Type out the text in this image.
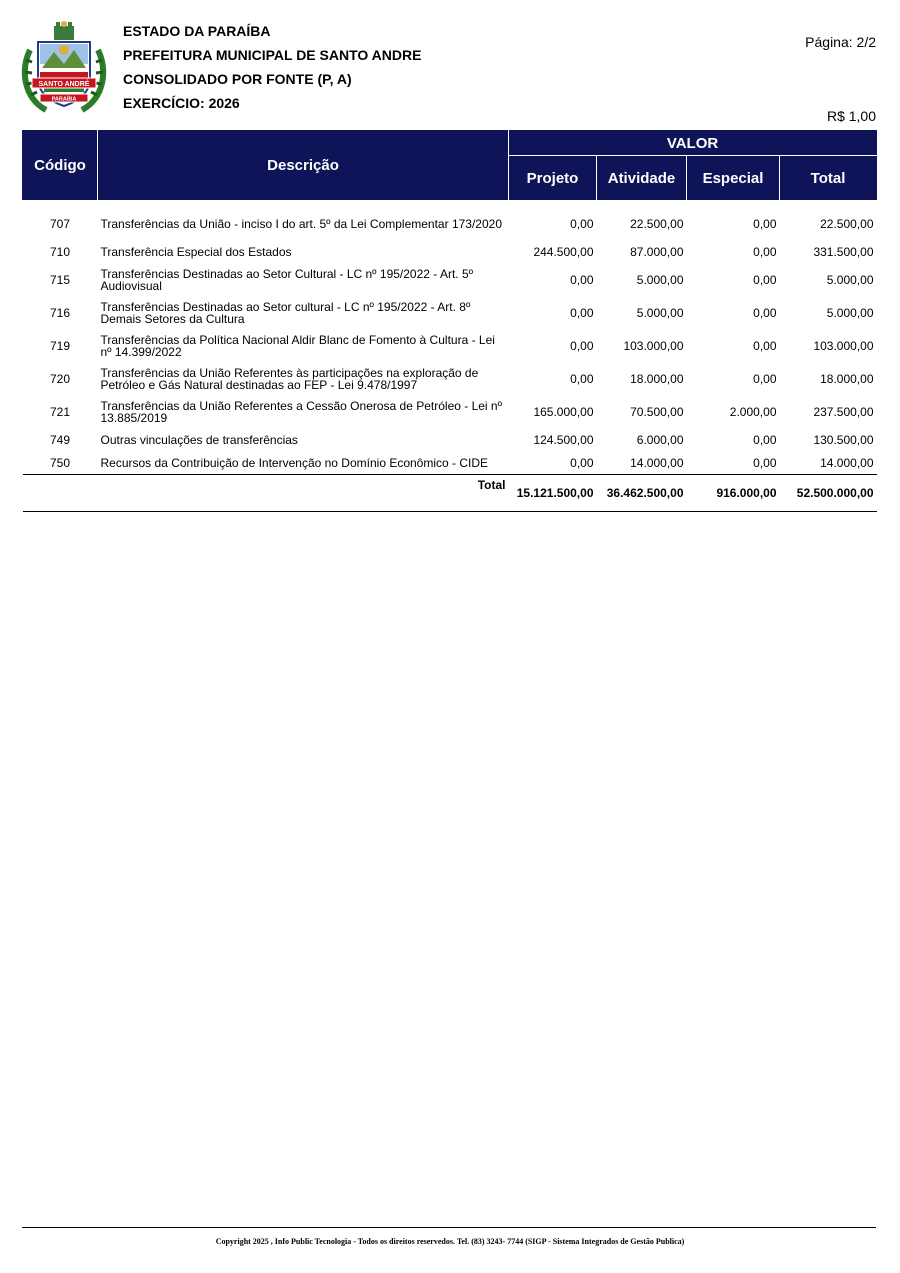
SANTO ANDRÉ
PARAÍBA
ESTADO DA PARAÍBA
PREFEITURA MUNICIPAL DE SANTO ANDRE
CONSOLIDADO POR FONTE (P, A)
EXERCÍCIO: 2026
Página: 2/2
R$ 1,00
Código	Descrição	VALOR			
		Projeto	Atividade	Especial	Total

707	Transferências da União - inciso I do art. 5º da Lei Complementar 173/2020	0,00	22.500,00	0,00	22.500,00
710	Transferência Especial dos Estados	244.500,00	87.000,00	0,00	331.500,00
715	Transferências Destinadas ao Setor Cultural - LC nº 195/2022 - Art. 5º Audiovisual	0,00	5.000,00	0,00	5.000,00
716	Transferências Destinadas ao Setor cultural - LC nº 195/2022 - Art. 8º Demais Setores da Cultura	0,00	5.000,00	0,00	5.000,00
719	Transferências da Política Nacional Aldir Blanc de Fomento à Cultura - Lei nº 14.399/2022	0,00	103.000,00	0,00	103.000,00
720	Transferências da União Referentes às participações na exploração de Petróleo e Gás Natural destinadas ao FEP - Lei 9.478/1997	0,00	18.000,00	0,00	18.000,00
721	Transferências da União Referentes a Cessão Onerosa de Petróleo - Lei nº 13.885/2019	165.000,00	70.500,00	2.000,00	237.500,00
749	Outras vinculações de transferências	124.500,00	6.000,00	0,00	130.500,00
750	Recursos da Contribuição de Intervenção no Domínio Econômico - CIDE	0,00	14.000,00	0,00	14.000,00
	Total	15.121.500,00	36.462.500,00	916.000,00	52.500.000,00
Copyright 2025 , Info Public Tecnologia - Todos os direitos reservedos. Tel. (83) 3243- 7744 (SIGP - Sistema Integrados de Gestão Publica)
